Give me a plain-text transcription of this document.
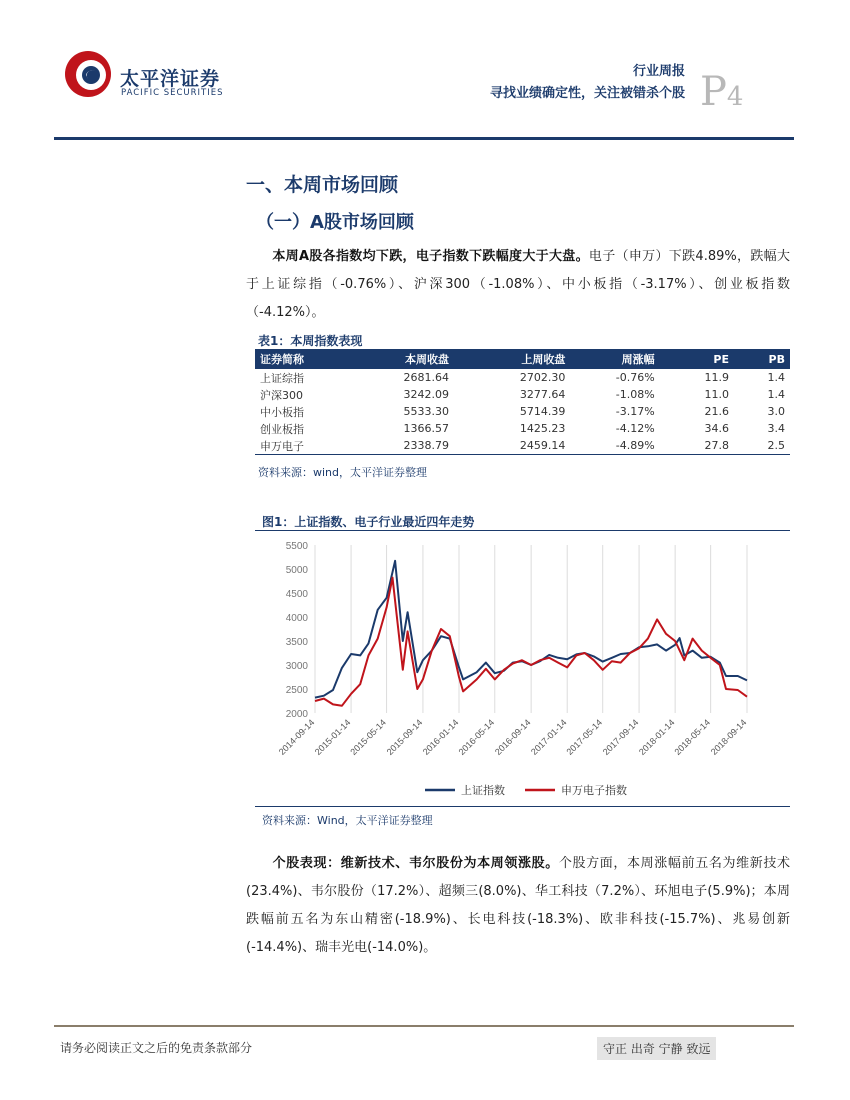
太平洋证券
PACIFIC SECURITIES
行业周报
寻找业绩确定性，关注被错杀个股 P4
一、本周市场回顾
（一）A股市场回顾
本周A股各指数均下跌，电子指数下跌幅度大于大盘。电子（申万）下跌4.89%，跌幅大于上证综指（-0.76%）、沪深300（-1.08%）、中小板指（-3.17%）、创业板指数（-4.12%）。
表1：本周指数表现
证券简称	本周收盘	上周收盘	周涨幅	PE	PB
上证综指	2681.64	2702.30	-0.76%	11.9	1.4
沪深300	3242.09	3277.64	-1.08%	11.0	1.4
中小板指	5533.30	5714.39	-3.17%	21.6	3.0
创业板指	1366.57	1425.23	-4.12%	34.6	3.4
申万电子	2338.79	2459.14	-4.89%	27.8	2.5
资料来源：wind，太平洋证券整理
图1：上证指数、电子行业最近四年走势
2000
2500
3000
3500
4000
4500
5000
5500
2014-09-14
2015-01-14
2015-05-14
2015-09-14
2016-01-14
2016-05-14
2016-09-14
2017-01-14
2017-05-14
2017-09-14
2018-01-14
2018-05-14
2018-09-14
上证指数	申万电子指数
资料来源：Wind，太平洋证券整理
个股表现：维新技术、韦尔股份为本周领涨股。个股方面，本周涨幅前五名为维新技术(23.4%)、韦尔股份（17.2%）、超频三(8.0%)、华工科技（7.2%）、环旭电子(5.9%)；本周跌幅前五名为东山精密(-18.9%)、长电科技(-18.3%)、欧非科技(-15.7%)、兆易创新(-14.4%)、瑞丰光电(-14.0%)。
请务必阅读正文之后的免责条款部分	守正 出奇 宁静 致远
